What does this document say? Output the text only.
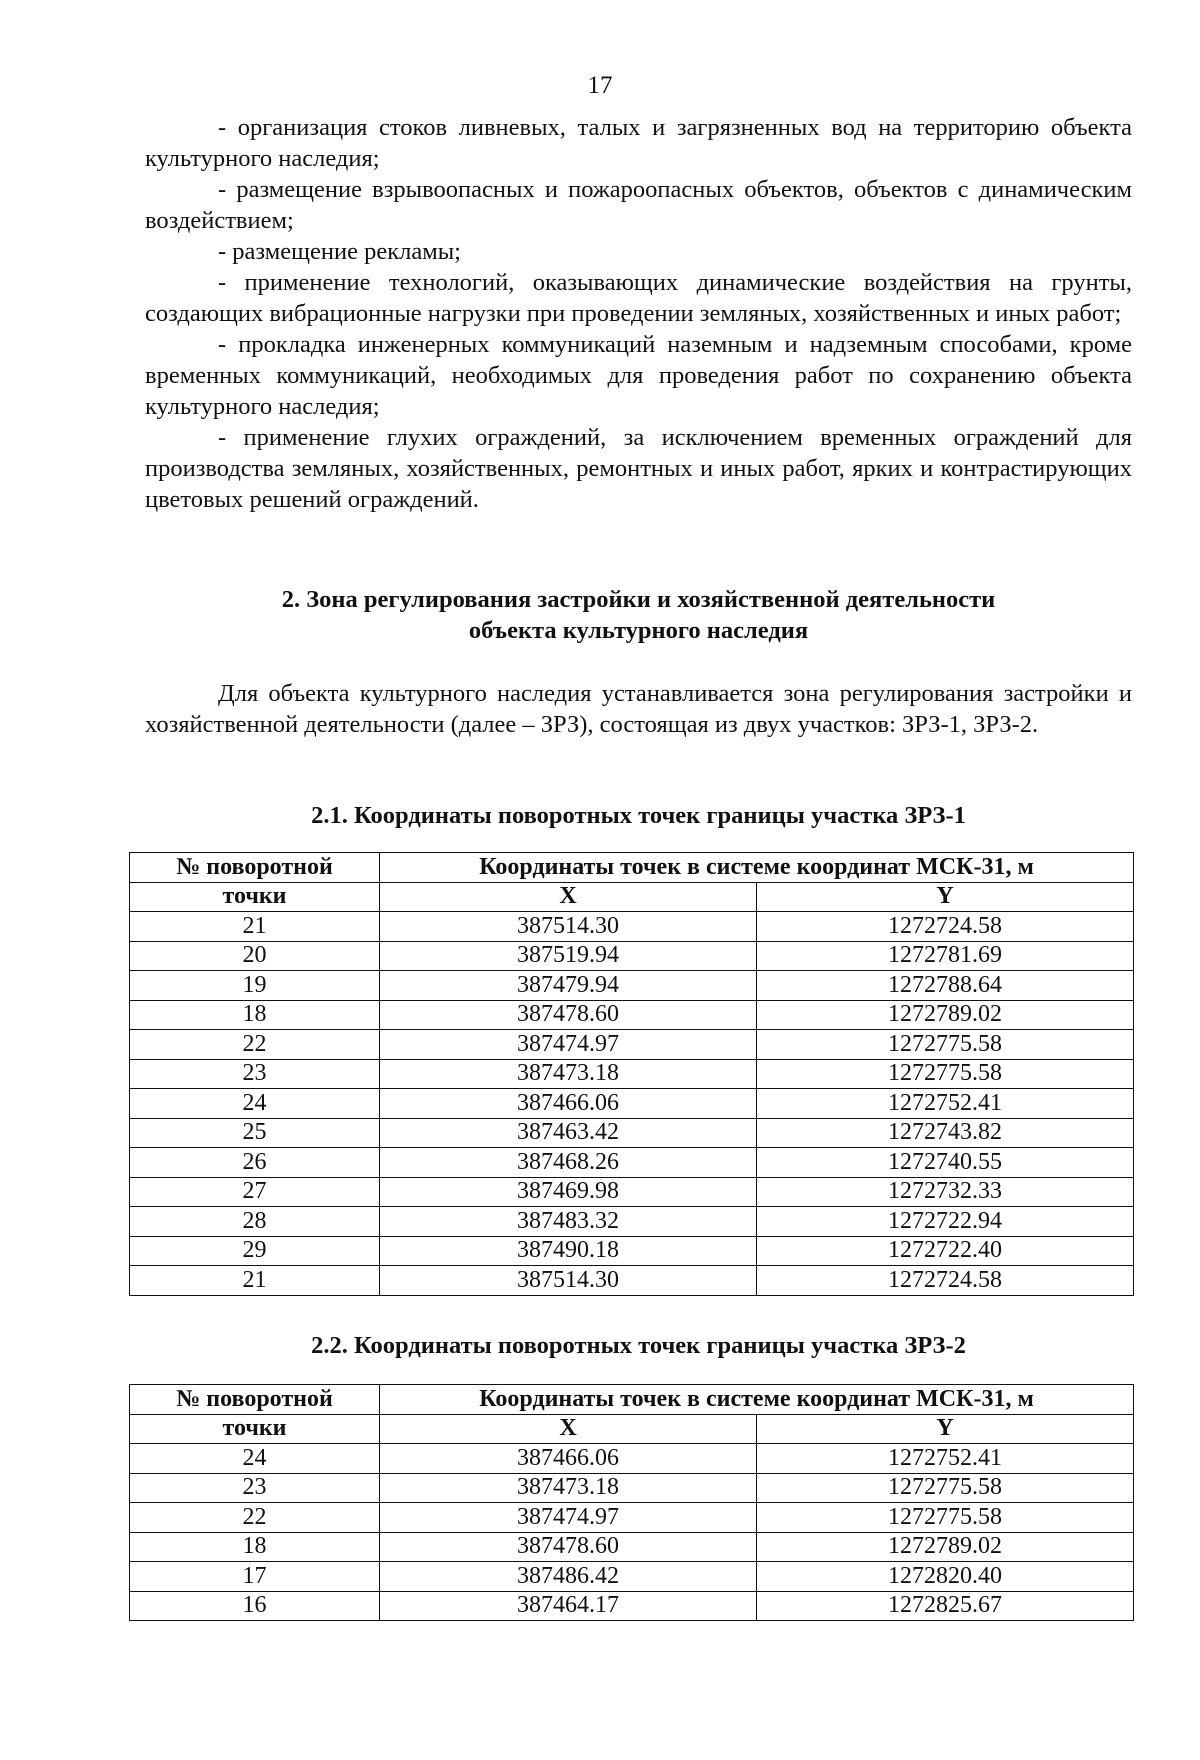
17

- организация стоков ливневых, талых и загрязненных вод на территорию объекта культурного наследия;

- размещение взрывоопасных и пожароопасных объектов, объектов с динамическим воздействием;

- размещение рекламы;

- применение технологий, оказывающих динамические воздействия на грунты, создающих вибрационные нагрузки при проведении земляных, хозяйственных и иных работ;

- прокладка инженерных коммуникаций наземным и надземным способами, кроме временных коммуникаций, необходимых для проведения работ по сохранению объекта культурного наследия;

- применение глухих ограждений, за исключением временных ограждений для производства земляных, хозяйственных, ремонтных и иных работ, ярких и контрастирующих цветовых решений ограждений.

2. Зона регулирования застройки и хозяйственной деятельности
объекта культурного наследия

Для объекта культурного наследия устанавливается зона регулирования застройки и хозяйственной деятельности (далее – ЗРЗ), состоящая из двух участков: ЗРЗ-1, ЗРЗ-2.

2.1. Координаты поворотных точек границы участка ЗРЗ-1
№ поворотной	Координаты точек в системе координат МСК-31, м	
точки	X	Y
21	387514.30	1272724.58
20	387519.94	1272781.69
19	387479.94	1272788.64
18	387478.60	1272789.02
22	387474.97	1272775.58
23	387473.18	1272775.58
24	387466.06	1272752.41
25	387463.42	1272743.82
26	387468.26	1272740.55
27	387469.98	1272732.33
28	387483.32	1272722.94
29	387490.18	1272722.40
21	387514.30	1272724.58
2.2. Координаты поворотных точек границы участка ЗРЗ-2
№ поворотной	Координаты точек в системе координат МСК-31, м	
точки	X	Y
24	387466.06	1272752.41
23	387473.18	1272775.58
22	387474.97	1272775.58
18	387478.60	1272789.02
17	387486.42	1272820.40
16	387464.17	1272825.67
